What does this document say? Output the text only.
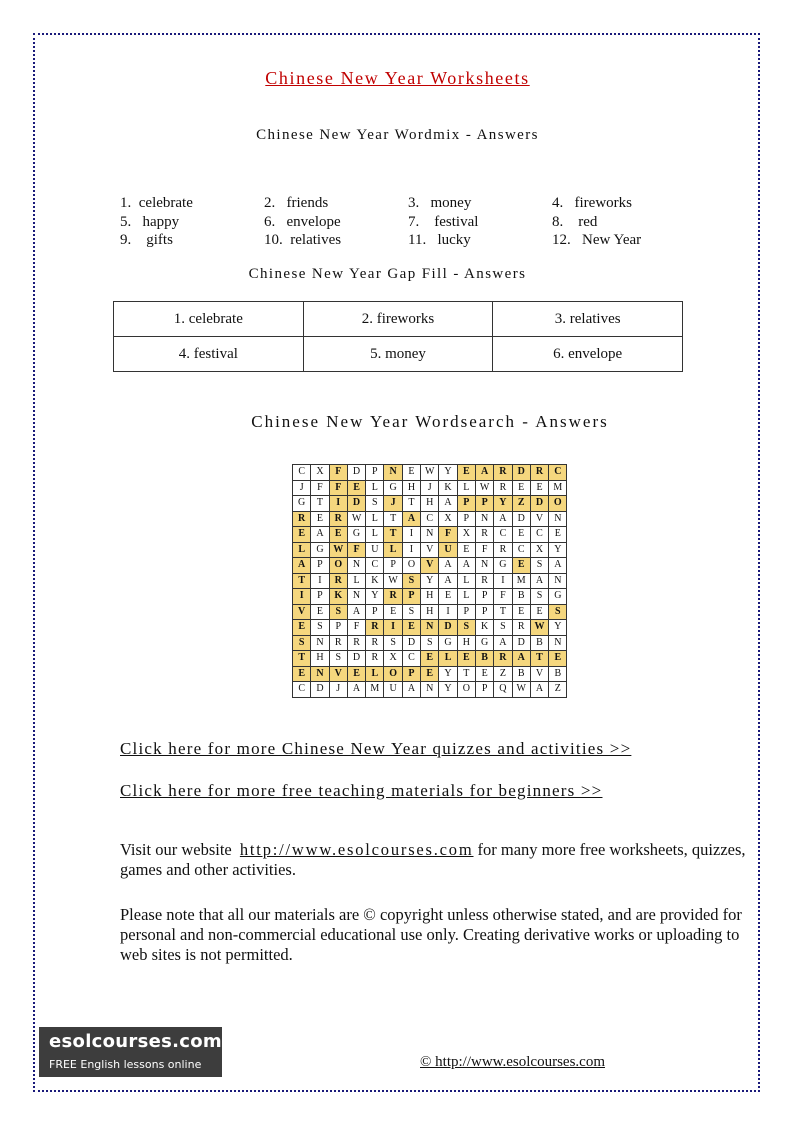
Chinese New Year Worksheets
Chinese New Year Wordmix - Answers
1.  celebrate	2.   friends	3.   money	4.   fireworks
5.   happy	6.   envelope	7.    festival	8.    red
9.    gifts	10.  relatives	11.   lucky	12.   New Year
Chinese New Year Gap Fill - Answers
1. celebrate	2. fireworks	3. relatives
4. festival	5. money	6. envelope
Chinese New Year Wordsearch - Answers
C	X	F	D	P	N	E	W Y	E	A	R	D	R	C
J	F	F	E	L	G	H	J	K	L	W	R	E	E	M
G	T	I	D	S	J	T	H	A	P	P	Y	Z	D	O
R	E	R W	L	T	A	C	X	P	N	A	D	V	N
E	A	E	G	L	T	I	N	F	X	R	C	E	C	E
L	G W	F	U	L	I	V	U	E	F	R	C	X	Y
A	P	O	N	C	P	O	V	A	A	N	G	E	S	A
T	I	R	L	K W	S	Y	A	L	R	I	M	A	N
I	P	K	N	Y	R	P	H	E	L	P	F	B	S	G
V	E	S	A	P	E	S	H	I	P	P	T	E	E	S
E	S	P	F	R	I	E	N	D	S	K	S	R W Y
S	N	R	R	R	S	D	S	G	H	G	A	D	B	N
T	H	S	D	R	X	C	E	L	E	B	R	A	T	E
E	N	V	E	L	O	P	E	Y	T	E	Z	B	V	B
C	D	J	A	M	U	A	N	Y	O	P	Q W A	Z
Click here for more Chinese New Year quizzes and activities >>
Click here for more free teaching materials for beginners >>
Visit our website http://www.esolcourses.com for many more free worksheets, quizzes, games and other activities.
Please note that all our materials are © copyright unless otherwise stated, and are provided for personal and non-commercial educational use only. Creating derivative works or uploading to web sites is not permitted.
esolcourses.com
FREE English lessons online	© http://www.esolcourses.com
